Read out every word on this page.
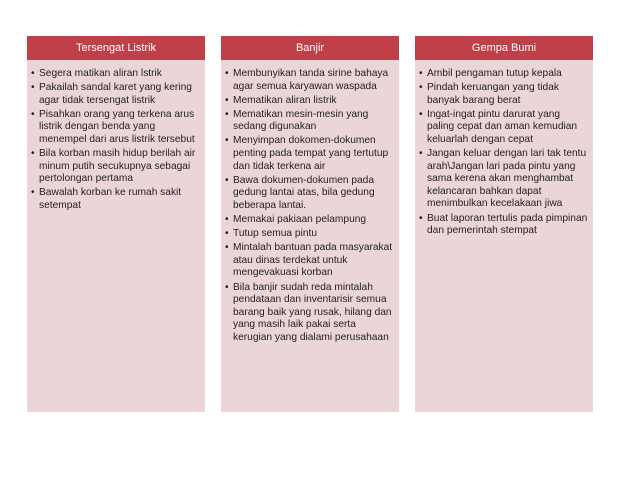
Tersengat Listrik
• Segera matikan aliran lstrik
• Pakailah sandal karet yang kering agar tidak tersengat listrik
• Pisahkan orang yang terkena arus listrik dengan benda yang menempel dari arus listrik tersebut
• Bila korban masih hidup berilah air minum putih secukupnya sebagai pertolongan pertama
• Bawalah korban ke rumah sakit setempat
Banjir
• Membunyikan tanda sirine bahaya agar semua karyawan waspada
• Mematikan aliran listrik
• Mematikan mesin-mesin yang sedang digunakan
• Menyimpan dokomen-dokumen penting pada tempat yang tertutup dan tidak terkena air
• Bawa dokumen-dokumen pada gedung lantai atas, bila gedung beberapa lantai.
• Memakai pakiaan pelampung
• Tutup semua pintu
• Mintalah bantuan pada masyarakat atau dinas terdekat untuk mengevakuasi korban
• Bila banjir sudah reda mintalah pendataan dan inventarisir semua barang baik yang rusak, hilang dan yang masih laik pakai serta kerugian yang dialami perusahaan
Gempa Bumi
• Ambil pengaman tutup kepala
• Pindah keruangan yang tidak banyak barang berat
• Ingat-ingat pintu darurat yang paling cepat dan aman kemudian keluarlah dengan cepat
• Jangan keluar dengan lari tak tentu arah\Jangan lari pada pintu yang sama kerena akan menghambat kelancaran bahkan dapat menimbulkan kecelakaan jiwa
• Buat laporan tertulis pada pimpinan dan pemerintah stempat
